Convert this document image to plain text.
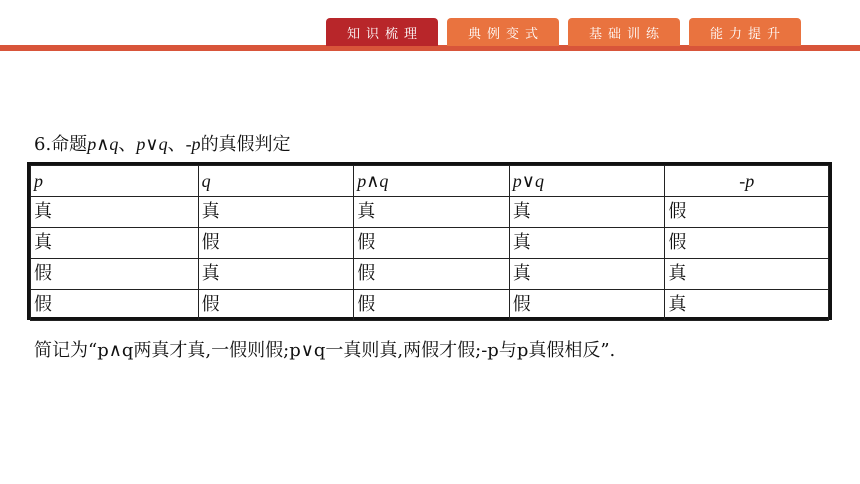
知识梳理	典例变式	基础训练	能力提升
6.命题p∧q、p∨q、-p的真假判定
p	q	p∧q	p∨q	-p
真	真	真	真	假
真	假	假	真	假
假	真	假	真	真
假	假	假	假	真
简记为“p∧q两真才真,一假则假;p∨q一真则真,两假才假;-p与p真假相反”.
